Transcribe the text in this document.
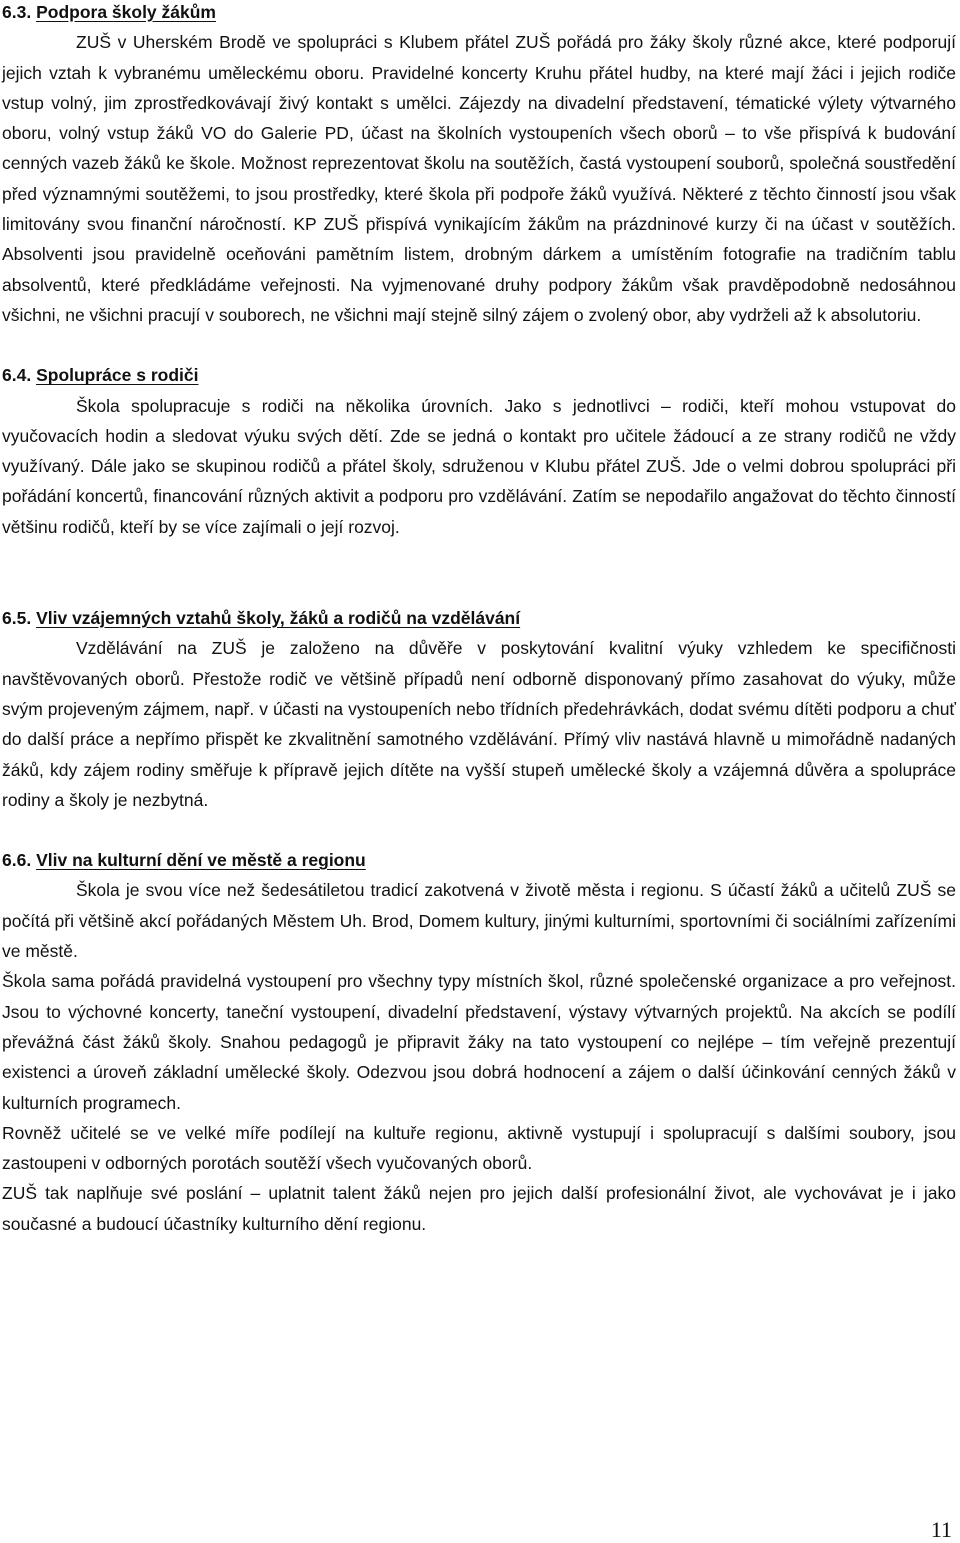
6.3. Podpora školy žákům

ZUŠ v Uherském Brodě ve spolupráci s Klubem přátel ZUŠ pořádá pro žáky školy různé akce, které podporují jejich vztah k vybranému uměleckému oboru. Pravidelné koncerty Kruhu přátel hudby, na které mají žáci i jejich rodiče vstup volný, jim zprostředkovávají živý kontakt s umělci. Zájezdy na divadelní představení, tématické výlety výtvarného oboru, volný vstup žáků VO do Galerie PD, účast na školních vystoupeních všech oborů – to vše přispívá k budování cenných vazeb žáků ke škole. Možnost reprezentovat školu na soutěžích, častá vystoupení souborů, společná soustředění před významnými soutěžemi, to jsou prostředky, které škola při podpoře žáků využívá. Některé z těchto činností jsou však limitovány svou finanční náročností. KP ZUŠ přispívá vynikajícím žákům na prázdninové kurzy či na účast v soutěžích. Absolventi jsou pravidelně oceňováni pamětním listem, drobným dárkem a umístěním fotografie na tradičním tablu absolventů, které předkládáme veřejnosti. Na vyjmenované druhy podpory žákům však pravděpodobně nedosáhnou všichni, ne všichni pracují v souborech, ne všichni mají stejně silný zájem o zvolený obor, aby vydrželi až k absolutoriu.

6.4. Spolupráce s rodiči

Škola spolupracuje s rodiči na několika úrovních. Jako s jednotlivci – rodiči, kteří mohou vstupovat do vyučovacích hodin a sledovat výuku svých dětí. Zde se jedná o kontakt pro učitele žádoucí a ze strany rodičů ne vždy využívaný. Dále jako se skupinou rodičů a přátel školy, sdruženou v Klubu přátel ZUŠ. Jde o velmi dobrou spolupráci při pořádání koncertů, financování různých aktivit a podporu pro vzdělávání. Zatím se nepodařilo angažovat do těchto činností většinu rodičů, kteří by se více zajímali o její rozvoj.

6.5. Vliv vzájemných vztahů školy, žáků a rodičů na vzdělávání

Vzdělávání na ZUŠ je založeno na důvěře v poskytování kvalitní výuky vzhledem ke specifičnosti navštěvovaných oborů. Přestože rodič ve většině případů není odborně disponovaný přímo zasahovat do výuky, může svým projeveným zájmem, např. v účasti na vystoupeních nebo třídních předehrávkách, dodat svému dítěti podporu a chuť do další práce a nepřímo přispět ke zkvalitnění samotného vzdělávání. Přímý vliv nastává hlavně u mimořádně nadaných žáků, kdy zájem rodiny směřuje k přípravě jejich dítěte na vyšší stupeň umělecké školy a vzájemná důvěra a spolupráce rodiny a školy je nezbytná.

6.6. Vliv na kulturní dění ve městě a regionu

Škola je svou více než šedesátiletou tradicí zakotvená v životě města i regionu. S účastí žáků a učitelů ZUŠ se počítá při většině akcí pořádaných Městem Uh. Brod, Domem kultury, jinými kulturními, sportovními či sociálními zařízeními ve městě.

Škola sama pořádá pravidelná vystoupení pro všechny typy místních škol, různé společenské organizace a pro veřejnost. Jsou to výchovné koncerty, taneční vystoupení, divadelní představení, výstavy výtvarných projektů. Na akcích se podílí převážná část žáků školy. Snahou pedagogů je připravit žáky na tato vystoupení co nejlépe – tím veřejně prezentují existenci a úroveň základní umělecké školy. Odezvou jsou dobrá hodnocení a zájem o další účinkování cenných žáků v kulturních programech.

Rovněž učitelé se ve velké míře podílejí na kultuře regionu, aktivně vystupují i spolupracují s dalšími soubory, jsou zastoupeni v odborných porotách soutěží všech vyučovaných oborů.

ZUŠ tak naplňuje své poslání – uplatnit talent žáků nejen pro jejich další profesionální život, ale vychovávat je i jako současné a budoucí účastníky kulturního dění regionu.

11
